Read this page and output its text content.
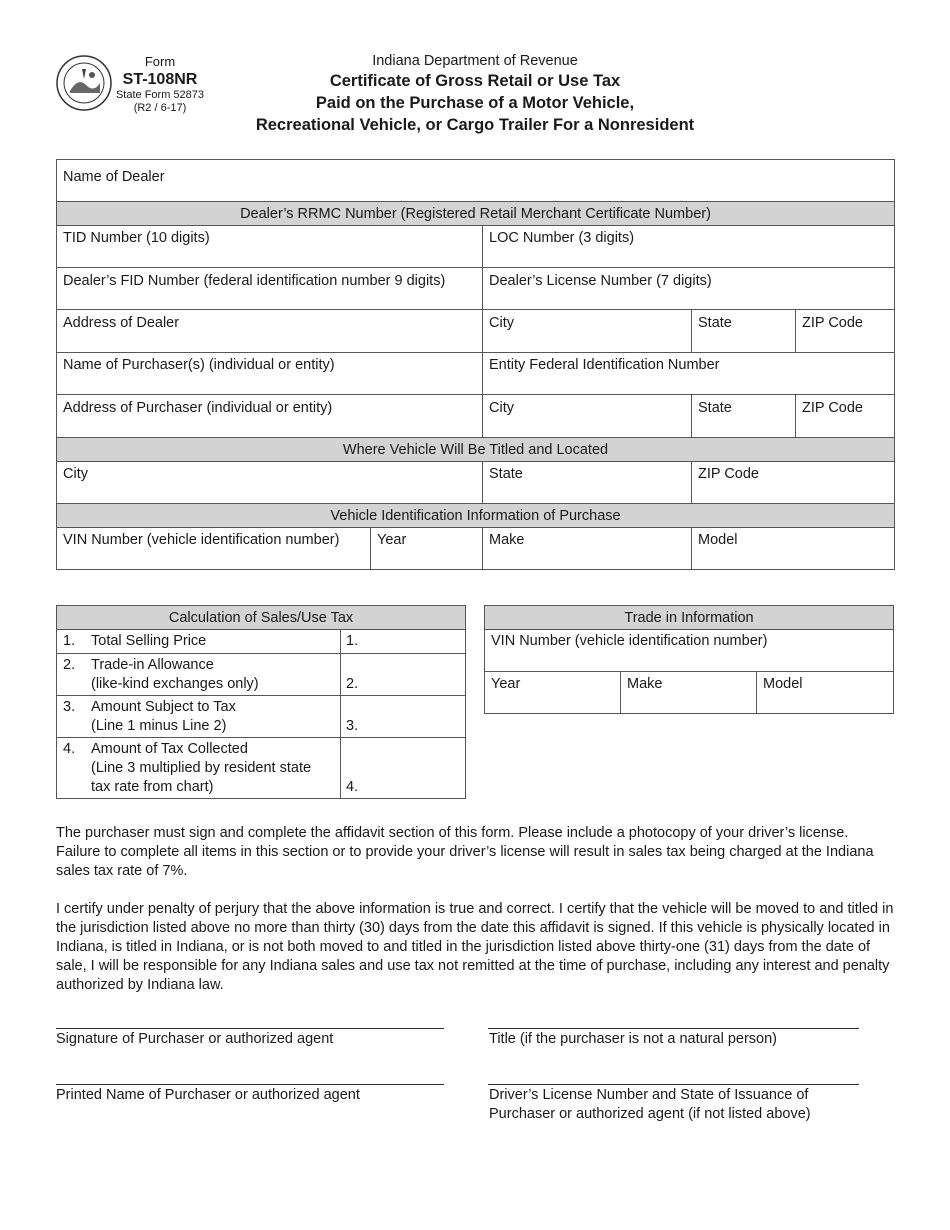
Form
ST-108NR
State Form 52873
(R2 / 6-17)
Indiana Department of Revenue
Certificate of Gross Retail or Use Tax
Paid on the Purchase of a Motor Vehicle,
Recreational Vehicle, or Cargo Trailer For a Nonresident
Name of Dealer
Dealer’s RRMC Number (Registered Retail Merchant Certificate Number)
TID Number (10 digits)	LOC Number (3 digits)
Dealer’s FID Number (federal identification number 9 digits)	Dealer’s License Number (7 digits)
Address of Dealer	City	State	ZIP Code
Name of Purchaser(s) (individual or entity)	Entity Federal Identification Number
Address of Purchaser (individual or entity)	City	State	ZIP Code
Where Vehicle Will Be Titled and Located
City	State	ZIP Code
Vehicle Identification Information of Purchase
VIN Number (vehicle identification number)	Year	Make	Model
Calculation of Sales/Use Tax
1. Total Selling Price	1.
2. Trade-in Allowance
(like-kind exchanges only)	2.
3. Amount Subject to Tax
(Line 1 minus Line 2)	3.
4. Amount of Tax Collected
(Line 3 multiplied by resident state
tax rate from chart)	4.
Trade in Information
VIN Number (vehicle identification number)
Year	Make	Model
The purchaser must sign and complete the affidavit section of this form. Please include a photocopy of your driver’s license. Failure to complete all items in this section or to provide your driver’s license will result in sales tax being charged at the Indiana sales tax rate of 7%.
I certify under penalty of perjury that the above information is true and correct. I certify that the vehicle will be moved to and titled in the jurisdiction listed above no more than thirty (30) days from the date this affidavit is signed. If this vehicle is physically located in Indiana, is titled in Indiana, or is not both moved to and titled in the jurisdiction listed above thirty-one (31) days from the date of sale, I will be responsible for any Indiana sales and use tax not remitted at the time of purchase, including any interest and penalty authorized by Indiana law.
Signature of Purchaser or authorized agent	Title (if the purchaser is not a natural person)
Printed Name of Purchaser or authorized agent	Driver’s License Number and State of Issuance of
Purchaser or authorized agent (if not listed above)
